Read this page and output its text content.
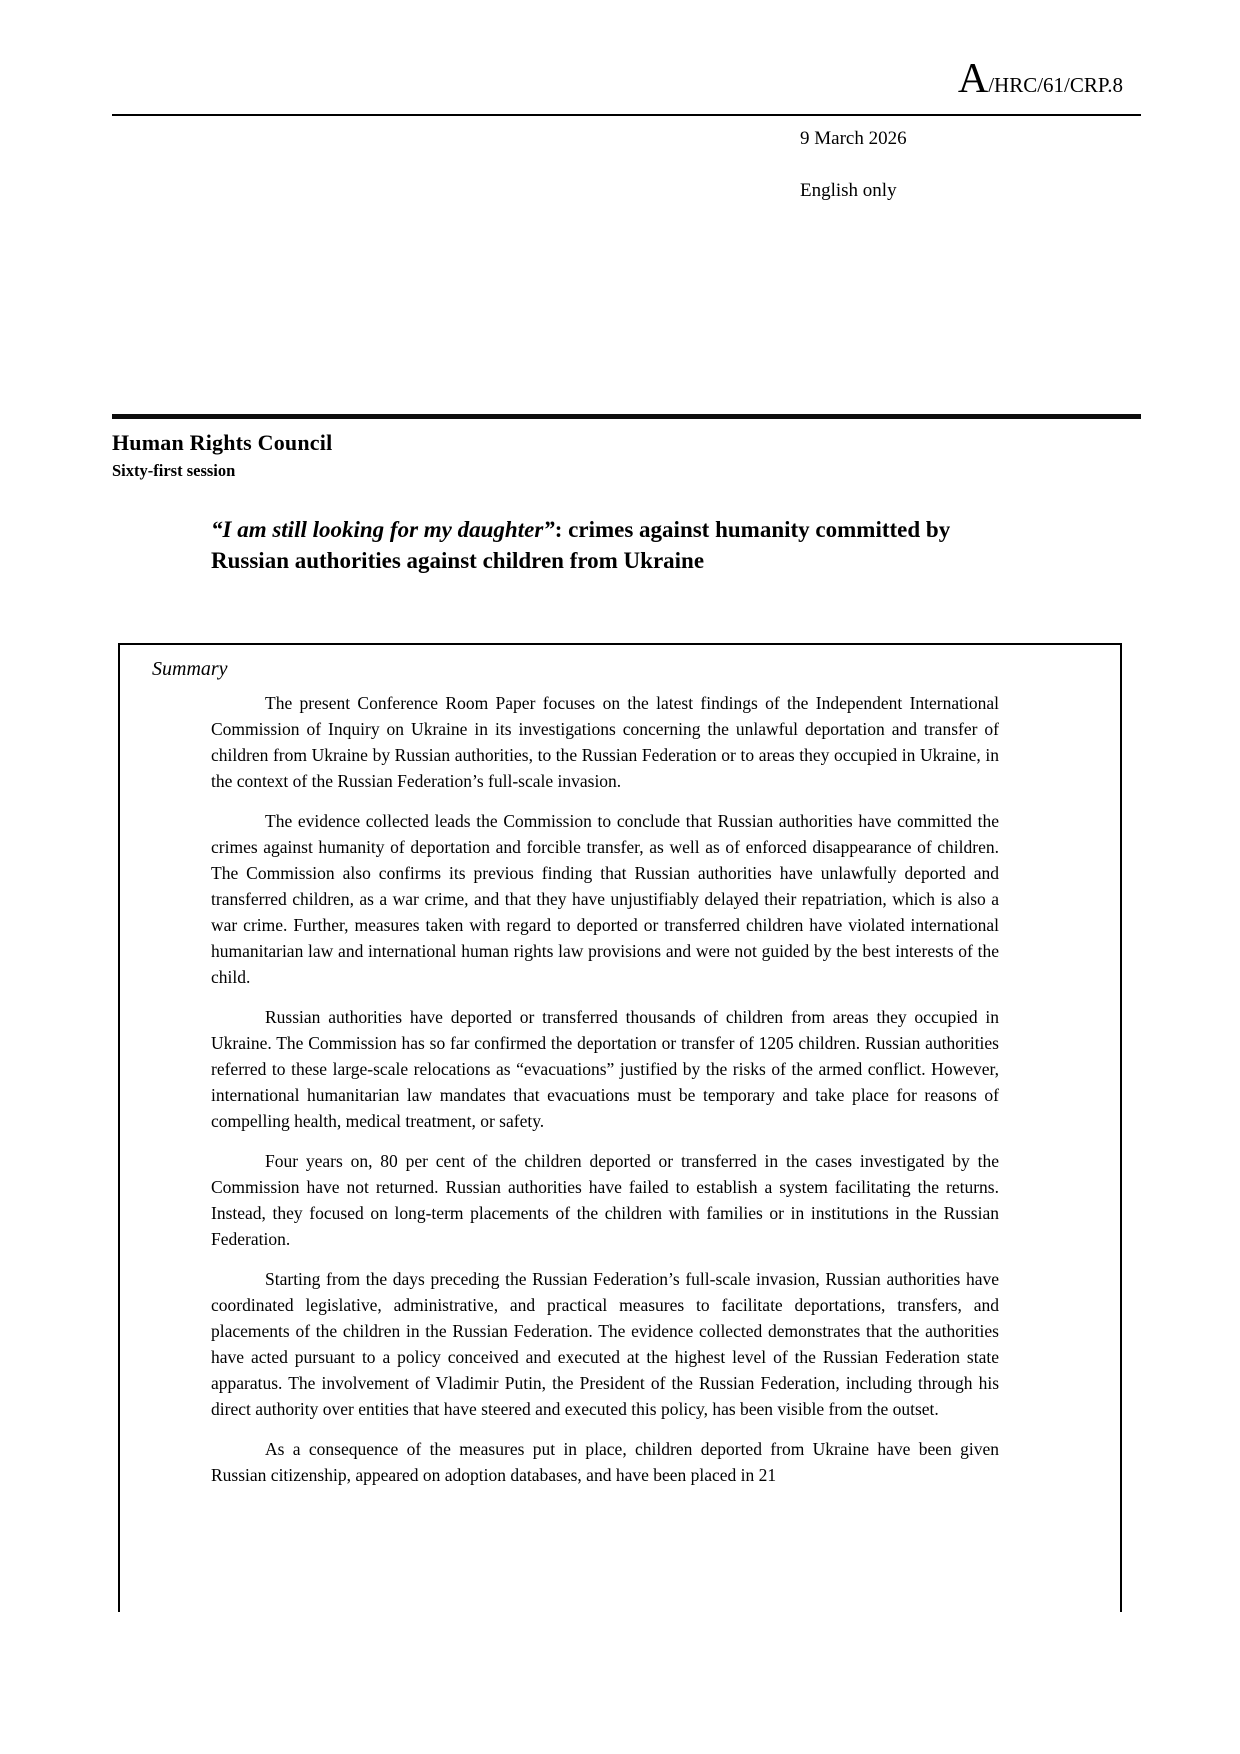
A/HRC/61/CRP.8
9 March 2026
English only
Human Rights Council
Sixty-first session
“I am still looking for my daughter”: crimes against humanity committed by Russian authorities against children from Ukraine
Summary

The present Conference Room Paper focuses on the latest findings of the Independent International Commission of Inquiry on Ukraine in its investigations concerning the unlawful deportation and transfer of children from Ukraine by Russian authorities, to the Russian Federation or to areas they occupied in Ukraine, in the context of the Russian Federation’s full-scale invasion.

The evidence collected leads the Commission to conclude that Russian authorities have committed the crimes against humanity of deportation and forcible transfer, as well as of enforced disappearance of children. The Commission also confirms its previous finding that Russian authorities have unlawfully deported and transferred children, as a war crime, and that they have unjustifiably delayed their repatriation, which is also a war crime. Further, measures taken with regard to deported or transferred children have violated international humanitarian law and international human rights law provisions and were not guided by the best interests of the child.

Russian authorities have deported or transferred thousands of children from areas they occupied in Ukraine. The Commission has so far confirmed the deportation or transfer of 1205 children. Russian authorities referred to these large-scale relocations as “evacuations” justified by the risks of the armed conflict. However, international humanitarian law mandates that evacuations must be temporary and take place for reasons of compelling health, medical treatment, or safety.

Four years on, 80 per cent of the children deported or transferred in the cases investigated by the Commission have not returned. Russian authorities have failed to establish a system facilitating the returns. Instead, they focused on long-term placements of the children with families or in institutions in the Russian Federation.

Starting from the days preceding the Russian Federation’s full-scale invasion, Russian authorities have coordinated legislative, administrative, and practical measures to facilitate deportations, transfers, and placements of the children in the Russian Federation. The evidence collected demonstrates that the authorities have acted pursuant to a policy conceived and executed at the highest level of the Russian Federation state apparatus. The involvement of Vladimir Putin, the President of the Russian Federation, including through his direct authority over entities that have steered and executed this policy, has been visible from the outset.

As a consequence of the measures put in place, children deported from Ukraine have been given Russian citizenship, appeared on adoption databases, and have been placed in 21
